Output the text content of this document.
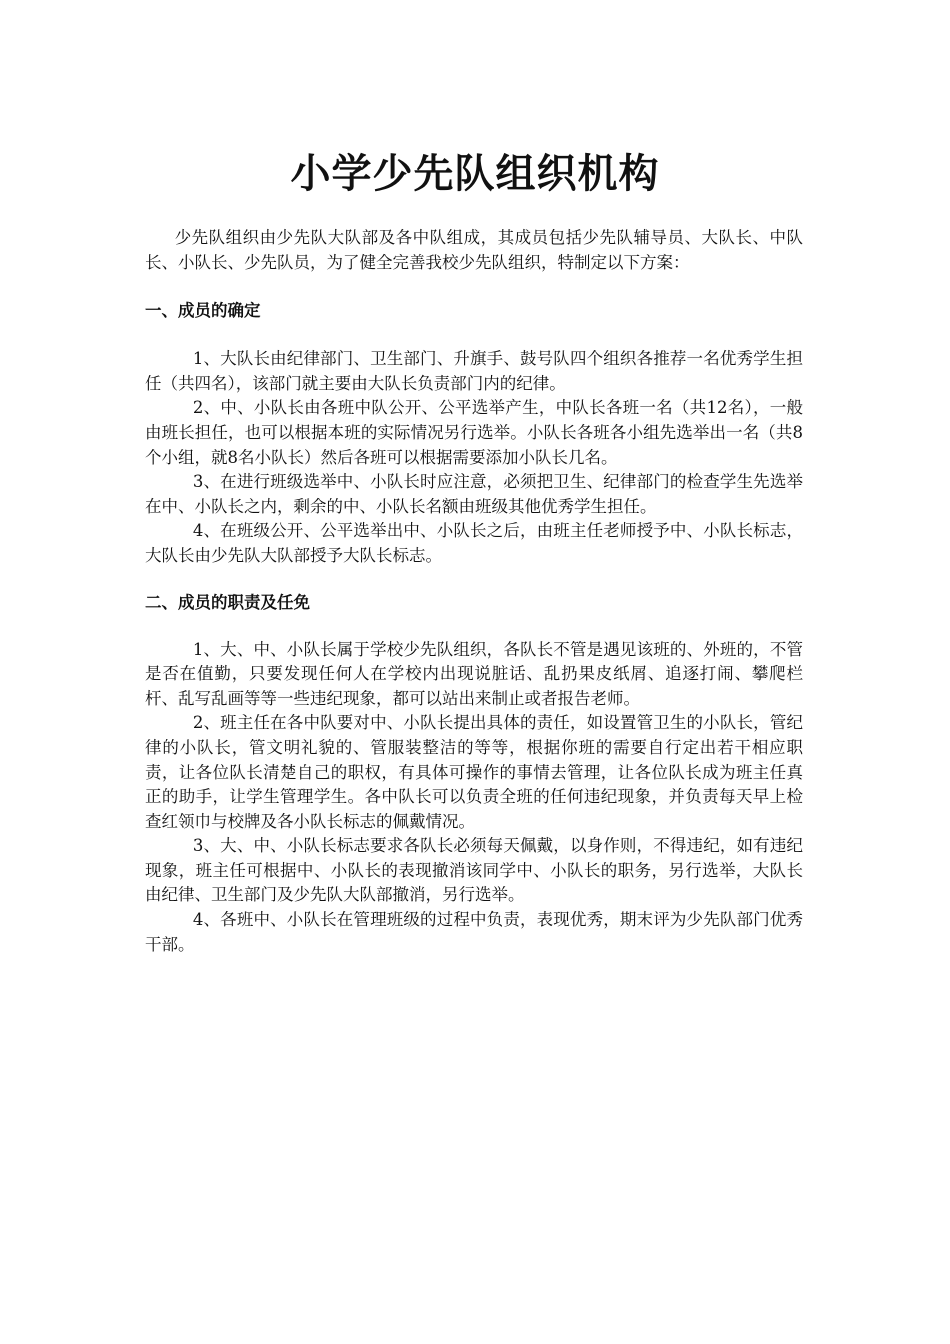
小学少先队组织机构

少先队组织由少先队大队部及各中队组成，其成员包括少先队辅导员、大队长、中队长、小队长、少先队员，为了健全完善我校少先队组织，特制定以下方案：

一、成员的确定

1、大队长由纪律部门、卫生部门、升旗手、鼓号队四个组织各推荐一名优秀学生担任（共四名），该部门就主要由大队长负责部门内的纪律。

2、中、小队长由各班中队公开、公平选举产生，中队长各班一名（共12名），一般由班长担任，也可以根据本班的实际情况另行选举。小队长各班各小组先选举出一名（共8个小组，就8名小队长）然后各班可以根据需要添加小队长几名。

3、在进行班级选举中、小队长时应注意，必须把卫生、纪律部门的检查学生先选举在中、小队长之内，剩余的中、小队长名额由班级其他优秀学生担任。

4、在班级公开、公平选举出中、小队长之后，由班主任老师授予中、小队长标志，大队长由少先队大队部授予大队长标志。

二、成员的职责及任免

1、大、中、小队长属于学校少先队组织，各队长不管是遇见该班的、外班的，不管是否在值勤，只要发现任何人在学校内出现说脏话、乱扔果皮纸屑、追逐打闹、攀爬栏杆、乱写乱画等等一些违纪现象，都可以站出来制止或者报告老师。

2、班主任在各中队要对中、小队长提出具体的责任，如设置管卫生的小队长，管纪律的小队长，管文明礼貌的、管服装整洁的等等，根据你班的需要自行定出若干相应职责，让各位队长清楚自己的职权，有具体可操作的事情去管理，让各位队长成为班主任真正的助手，让学生管理学生。各中队长可以负责全班的任何违纪现象，并负责每天早上检查红领巾与校牌及各小队长标志的佩戴情况。

3、大、中、小队长标志要求各队长必须每天佩戴，以身作则，不得违纪，如有违纪现象，班主任可根据中、小队长的表现撤消该同学中、小队长的职务，另行选举，大队长由纪律、卫生部门及少先队大队部撤消，另行选举。

4、各班中、小队长在管理班级的过程中负责，表现优秀，期末评为少先队部门优秀干部。
